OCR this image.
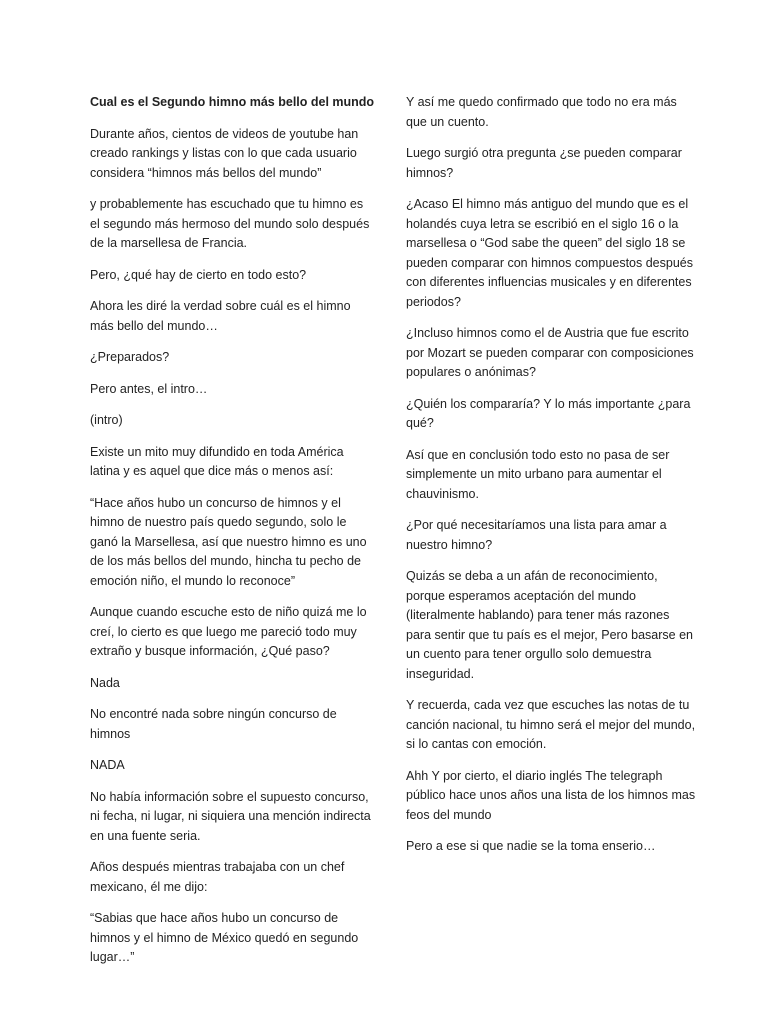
Cual es el Segundo himno más bello del mundo

Durante años, cientos de videos de youtube han creado rankings y listas con lo que cada usuario considera “himnos más bellos del mundo”

y probablemente has escuchado que tu himno es el segundo más hermoso del mundo solo después de la marsellesa de Francia.

Pero, ¿qué hay de cierto en todo esto?

Ahora les diré la verdad sobre cuál es el himno más bello del mundo…

¿Preparados?

Pero antes, el intro…

(intro)

Existe un mito muy difundido en toda América latina y es aquel que dice más o menos así:

“Hace años hubo un concurso de himnos y el himno de nuestro país quedo segundo, solo le ganó la Marsellesa, así que nuestro himno es uno de los más bellos del mundo, hincha tu pecho de emoción niño, el mundo lo reconoce”

Aunque cuando escuche esto de niño quizá me lo creí, lo cierto es que luego me pareció todo muy extraño y busque información, ¿Qué paso?

Nada

No encontré nada sobre ningún concurso de himnos

NADA

No había información sobre el supuesto concurso, ni fecha, ni lugar, ni siquiera una mención indirecta en una fuente seria.

Años después mientras trabajaba con un chef mexicano, él me dijo:

“Sabias que hace años hubo un concurso de himnos y el himno de México quedó en segundo lugar…”

Y así me quedo confirmado que todo no era más que un cuento.

Luego surgió otra pregunta ¿se pueden comparar himnos?

¿Acaso El himno más antiguo del mundo que es el holandés cuya letra se escribió en el siglo 16 o la marsellesa o “God sabe the queen” del siglo 18 se pueden comparar con himnos compuestos después con diferentes influencias musicales y en diferentes periodos?

¿Incluso himnos como el de Austria que fue escrito por Mozart se pueden comparar con composiciones populares o anónimas?

¿Quién los compararía? Y lo más importante ¿para qué?

Así que en conclusión todo esto no pasa de ser simplemente un mito urbano para aumentar el chauvinismo.

¿Por qué necesitaríamos una lista para amar a nuestro himno?

Quizás se deba a un afán de reconocimiento, porque esperamos aceptación del mundo (literalmente hablando) para tener más razones para sentir que tu país es el mejor, Pero basarse en un cuento para tener orgullo solo demuestra inseguridad.

Y recuerda, cada vez que escuches las notas de tu canción nacional, tu himno será el mejor del mundo, si lo cantas con emoción.

Ahh Y por cierto, el diario inglés The telegraph público hace unos años una lista de los himnos mas feos del mundo

Pero a ese si que nadie se la toma enserio…
